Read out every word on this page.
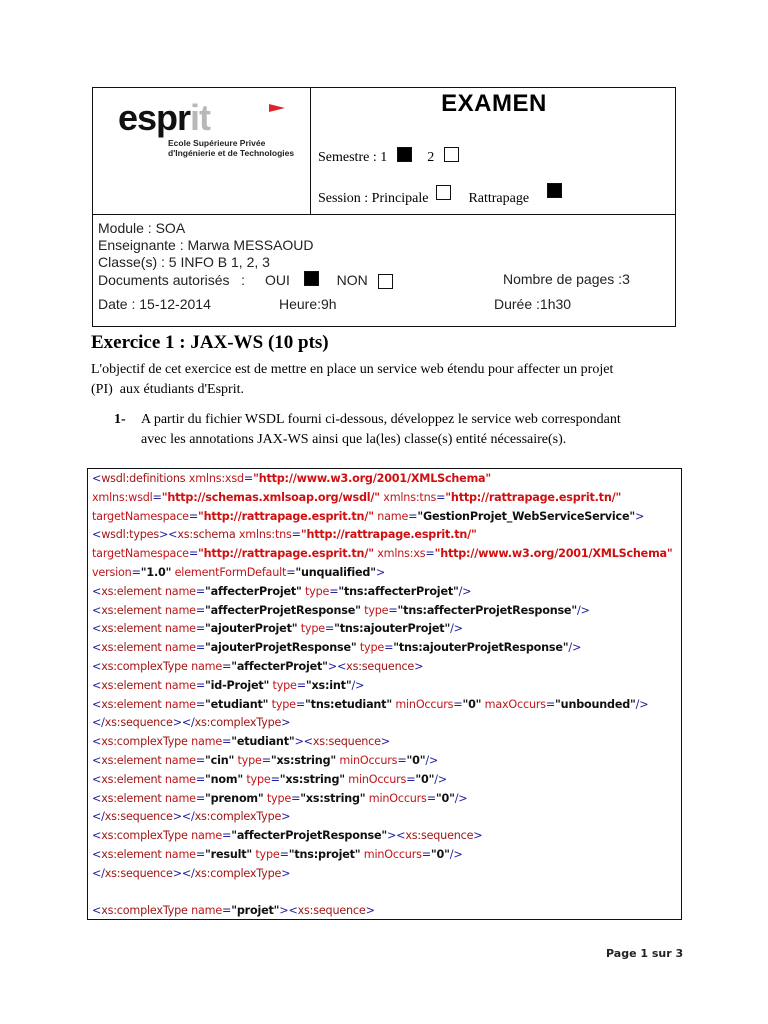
esprit
Ecole Supérieure Privée
d'Ingénierie et de Technologies
EXAMEN
Semestre : 1	2
Session : Principale	Rattrapage
Module : SOA
Enseignante : Marwa MESSAOUD
Classe(s) : 5 INFO B 1, 2, 3
Documents autorisés   : OUI	NON	Nombre de pages :3
Date : 15-12-2014	Heure:9h	Durée :1h30
Exercice 1 : JAX-WS (10 pts)
L'objectif de cet exercice est de mettre en place un service web étendu pour affecter un projet
(PI)  aux étudiants d'Esprit.
1- A partir du fichier WSDL fourni ci-dessous, développez le service web correspondant
avec les annotations JAX-WS ainsi que la(les) classe(s) entité nécessaire(s).
<wsdl:definitions xmlns:xsd="http://www.w3.org/2001/XMLSchema"
xmlns:wsdl="http://schemas.xmlsoap.org/wsdl/" xmlns:tns="http://rattrapage.esprit.tn/"
targetNamespace="http://rattrapage.esprit.tn/" name="GestionProjet_WebServiceService">
<wsdl:types><xs:schema xmlns:tns="http://rattrapage.esprit.tn/"
targetNamespace="http://rattrapage.esprit.tn/" xmlns:xs="http://www.w3.org/2001/XMLSchema"
version="1.0" elementFormDefault="unqualified">
<xs:element name="affecterProjet" type="tns:affecterProjet"/>
<xs:element name="affecterProjetResponse" type="tns:affecterProjetResponse"/>
<xs:element name="ajouterProjet" type="tns:ajouterProjet"/>
<xs:element name="ajouterProjetResponse" type="tns:ajouterProjetResponse"/>
<xs:complexType name="affecterProjet"><xs:sequence>
<xs:element name="id-Projet" type="xs:int"/>
<xs:element name="etudiant" type="tns:etudiant" minOccurs="0" maxOccurs="unbounded"/>
</xs:sequence></xs:complexType>
<xs:complexType name="etudiant"><xs:sequence>
<xs:element name="cin" type="xs:string" minOccurs="0"/>
<xs:element name="nom" type="xs:string" minOccurs="0"/>
<xs:element name="prenom" type="xs:string" minOccurs="0"/>
</xs:sequence></xs:complexType>
<xs:complexType name="affecterProjetResponse"><xs:sequence>
<xs:element name="result" type="tns:projet" minOccurs="0"/>
</xs:sequence></xs:complexType>

<xs:complexType name="projet"><xs:sequence>
Page 1 sur 3
